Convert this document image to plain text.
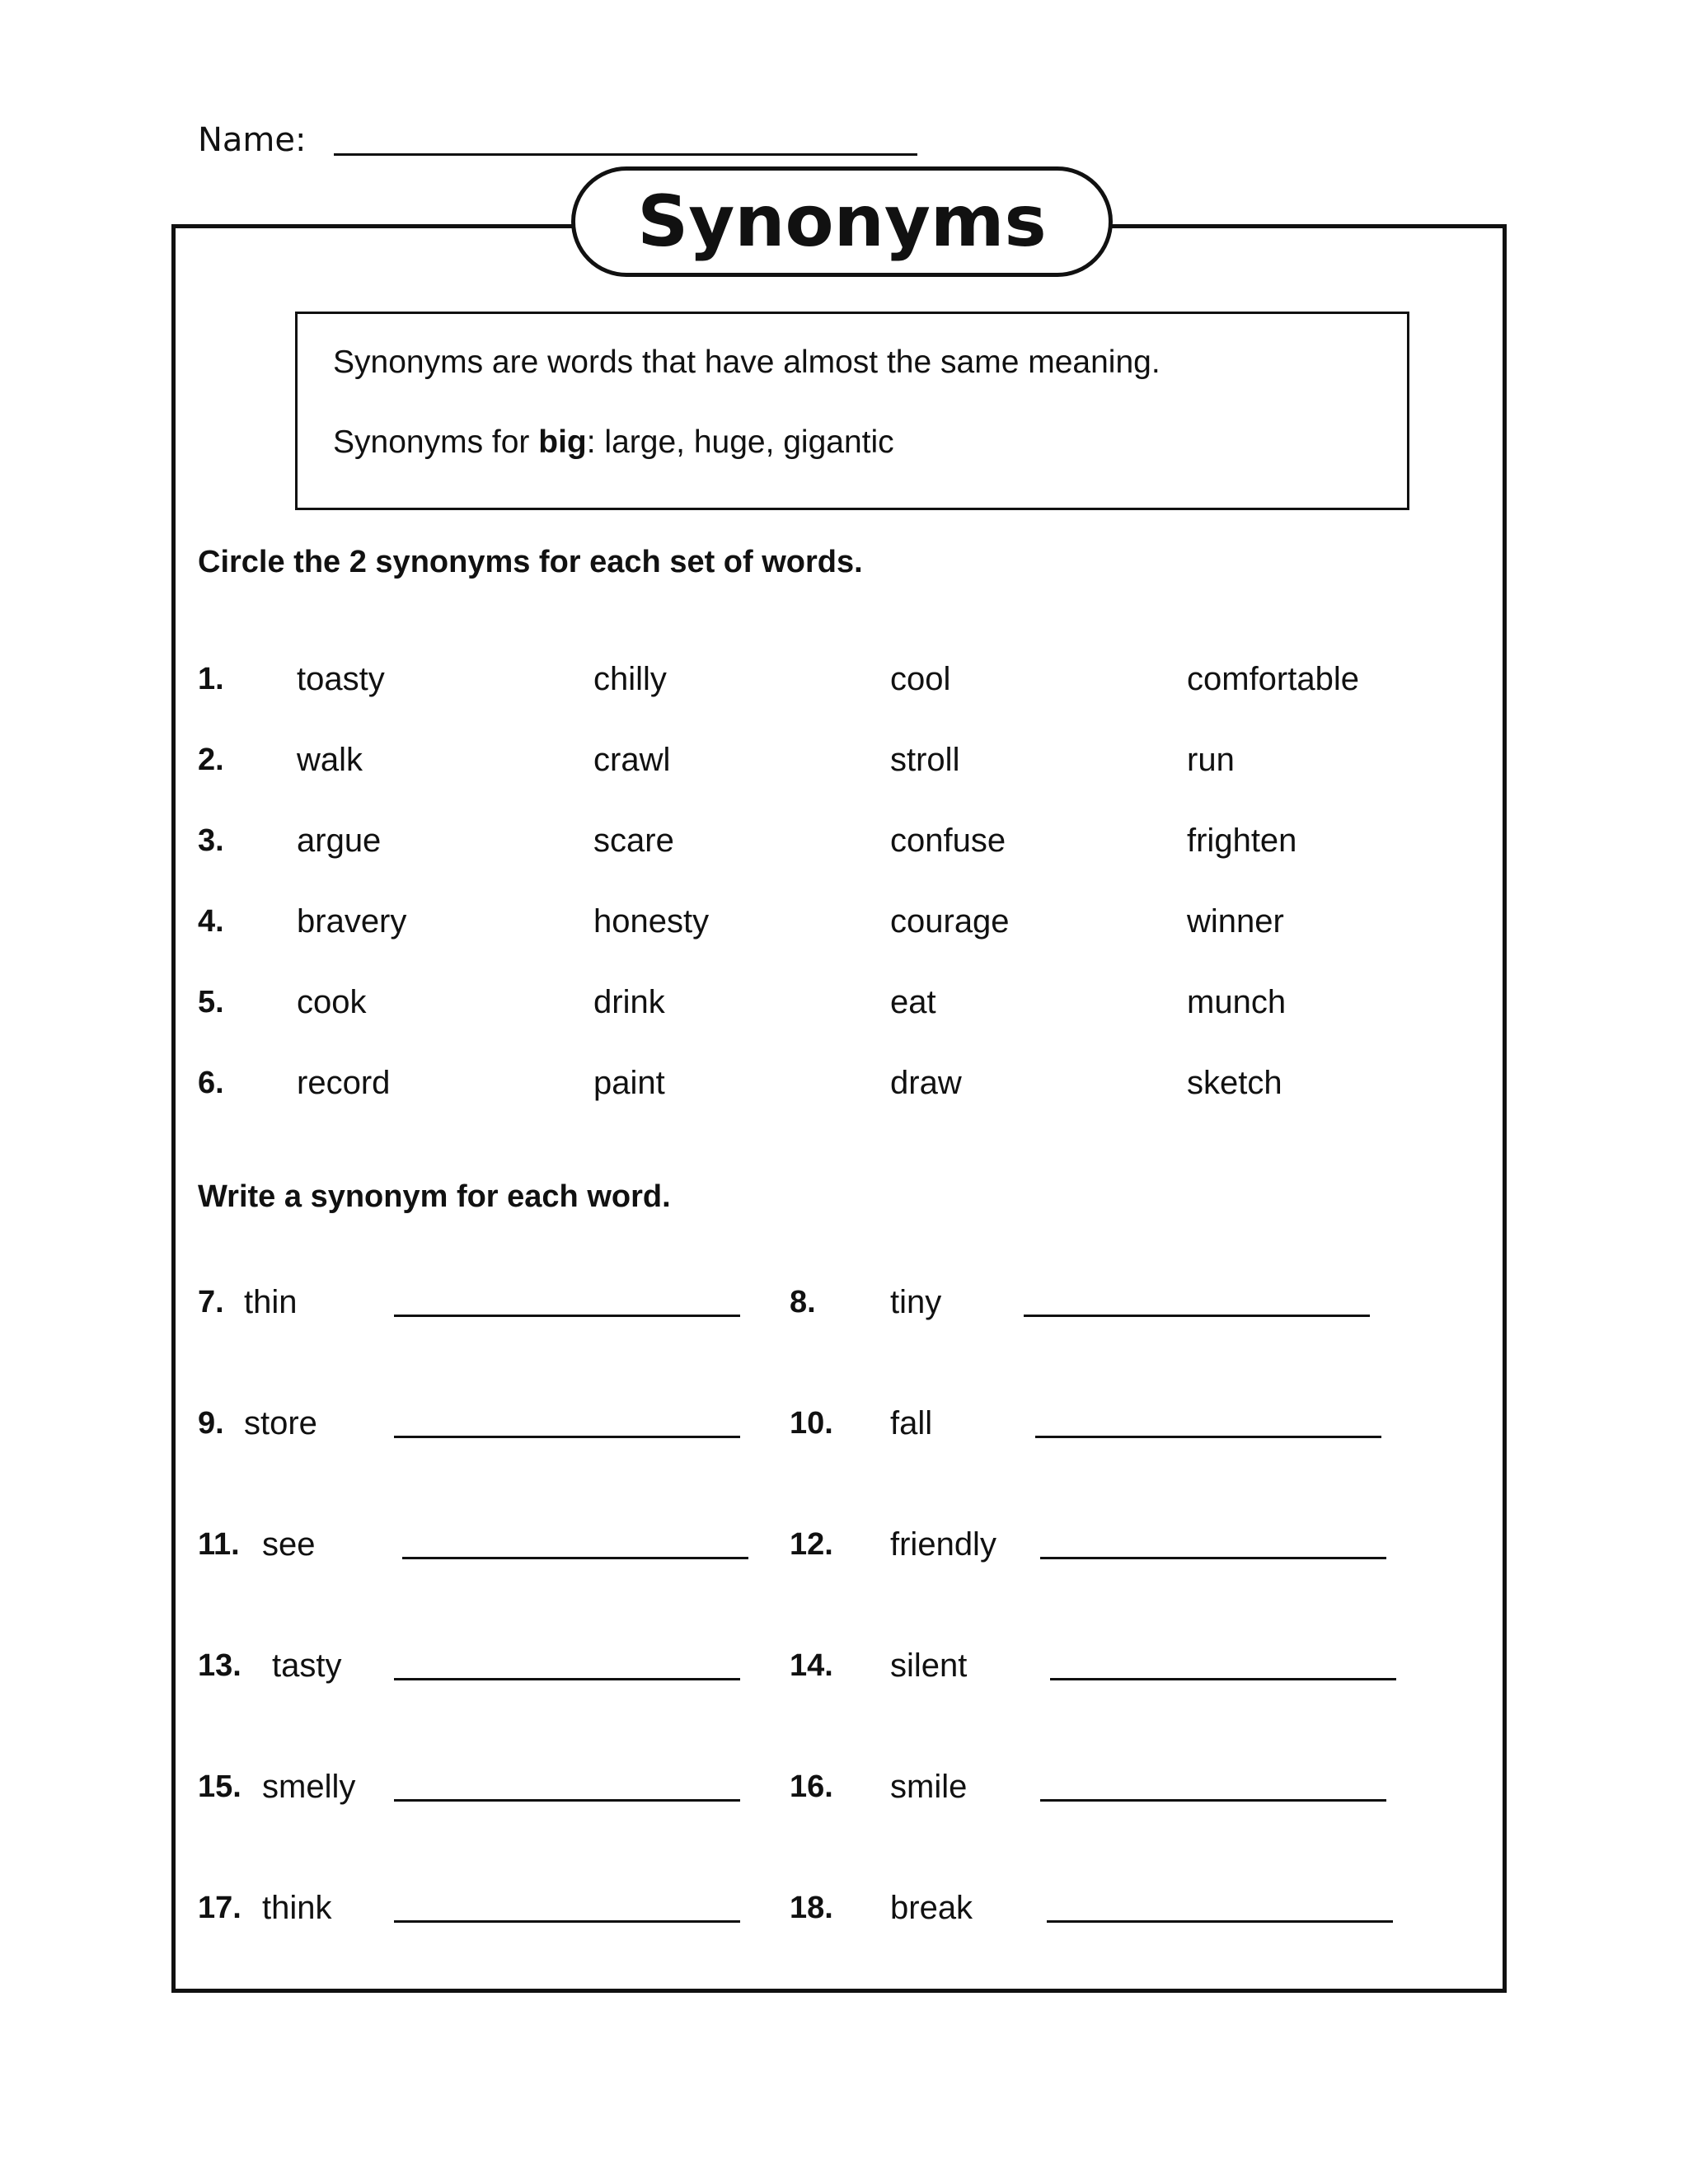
Name:
Synonyms
Synonyms are words that have almost the same meaning.
Synonyms for big: large, huge, gigantic
Circle the 2 synonyms for each set of words.
1. toasty	chilly	cool	comfortable
2. walk	crawl	stroll	run
3. argue	scare	confuse	frighten
4. bravery	honesty	courage	winner
5. cook	drink	eat	munch
6. record	paint	draw	sketch
Write a synonym for each word.
7. thin	8. tiny
9. store	10. fall
11. see	12. friendly
13. tasty	14. silent
15. smelly	16. smile
17. think	18. break
